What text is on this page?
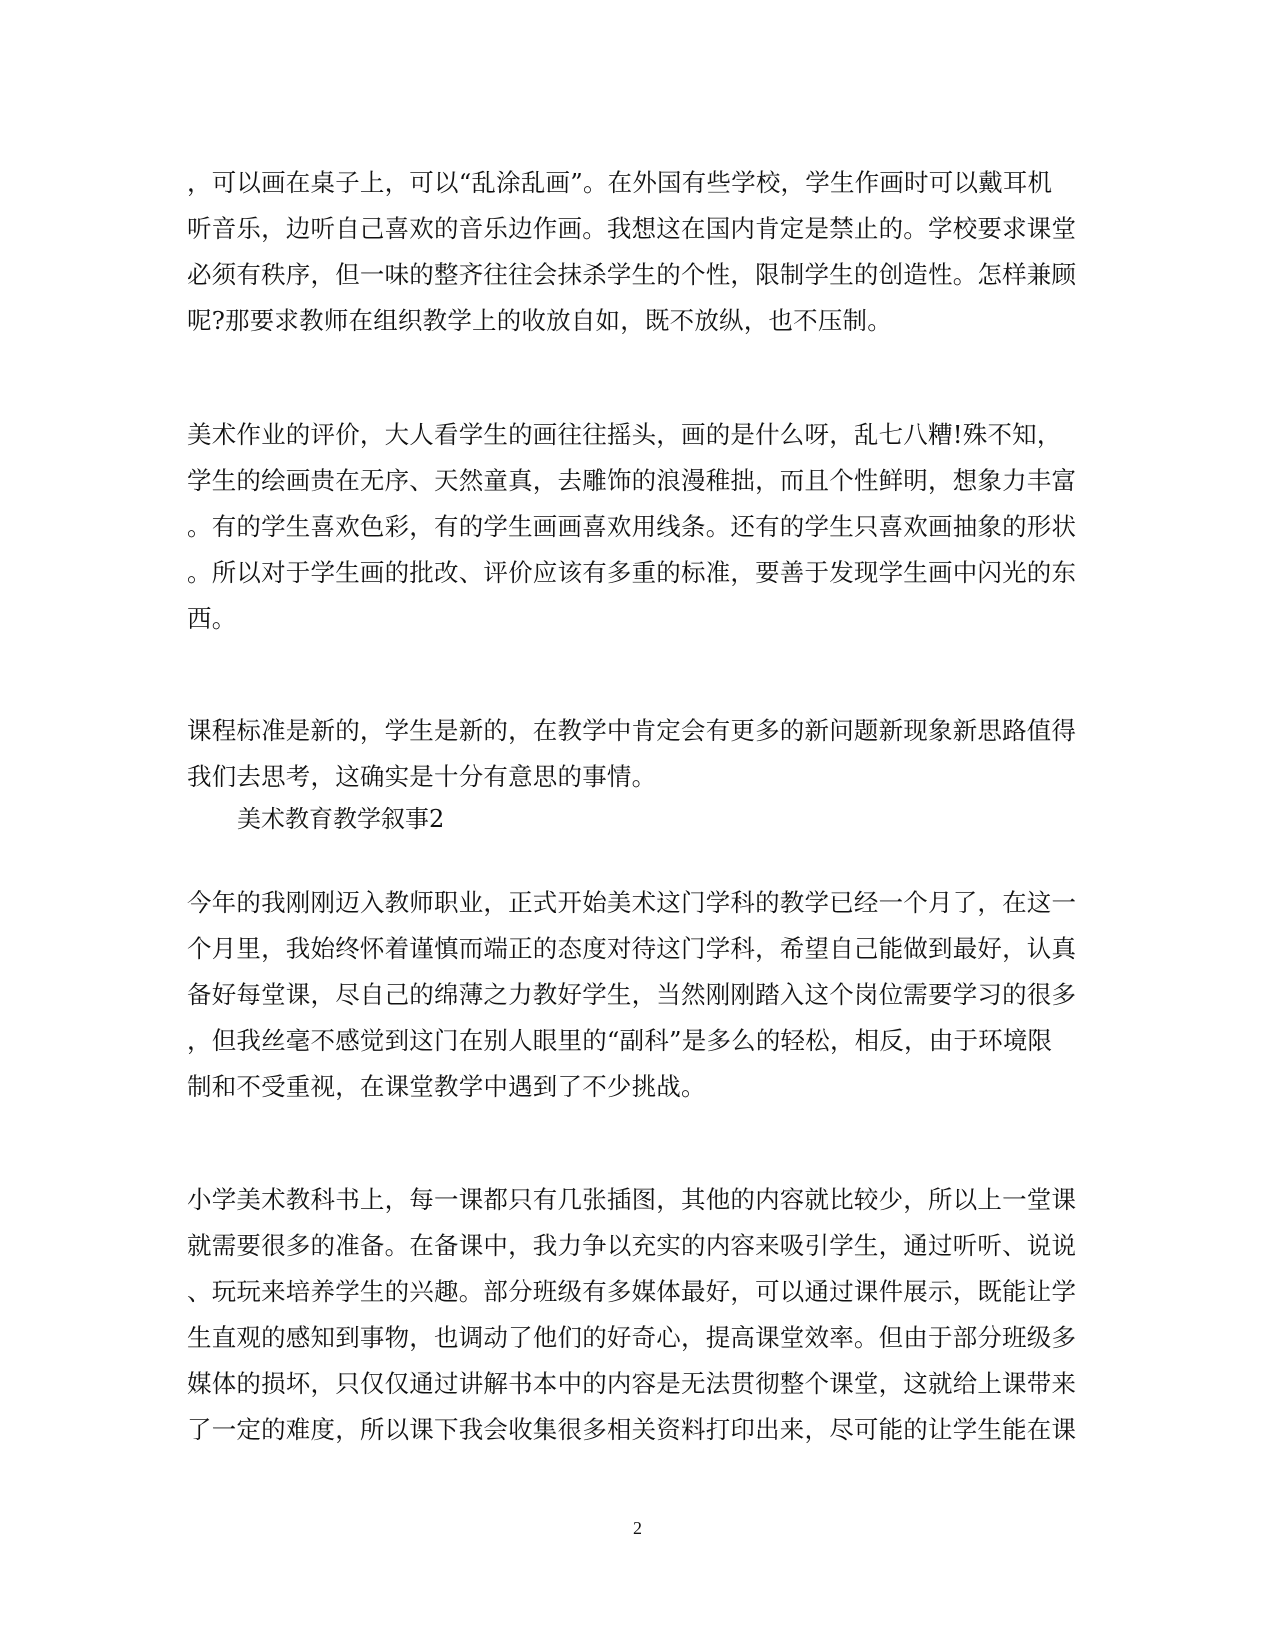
，可以画在桌子上，可以“乱涂乱画”。在外国有些学校，学生作画时可以戴耳机
听音乐，边听自己喜欢的音乐边作画。我想这在国内肯定是禁止的。学校要求课堂
必须有秩序，但一味的整齐往往会抹杀学生的个性，限制学生的创造性。怎样兼顾
呢?那要求教师在组织教学上的收放自如，既不放纵，也不压制。
美术作业的评价，大人看学生的画往往摇头，画的是什么呀，乱七八糟!殊不知，
学生的绘画贵在无序、天然童真，去雕饰的浪漫稚拙，而且个性鲜明，想象力丰富
。有的学生喜欢色彩，有的学生画画喜欢用线条。还有的学生只喜欢画抽象的形状
。所以对于学生画的批改、评价应该有多重的标准，要善于发现学生画中闪光的东
西。
课程标准是新的，学生是新的，在教学中肯定会有更多的新问题新现象新思路值得
我们去思考，这确实是十分有意思的事情。
美术教育教学叙事2
今年的我刚刚迈入教师职业，正式开始美术这门学科的教学已经一个月了，在这一
个月里，我始终怀着谨慎而端正的态度对待这门学科，希望自己能做到最好，认真
备好每堂课，尽自己的绵薄之力教好学生，当然刚刚踏入这个岗位需要学习的很多
，但我丝毫不感觉到这门在别人眼里的“副科”是多么的轻松，相反，由于环境限
制和不受重视，在课堂教学中遇到了不少挑战。
小学美术教科书上，每一课都只有几张插图，其他的内容就比较少，所以上一堂课
就需要很多的准备。在备课中，我力争以充实的内容来吸引学生，通过听听、说说
、玩玩来培养学生的兴趣。部分班级有多媒体最好，可以通过课件展示，既能让学
生直观的感知到事物，也调动了他们的好奇心，提高课堂效率。但由于部分班级多
媒体的损坏，只仅仅通过讲解书本中的内容是无法贯彻整个课堂，这就给上课带来
了一定的难度，所以课下我会收集很多相关资料打印出来，尽可能的让学生能在课
2
